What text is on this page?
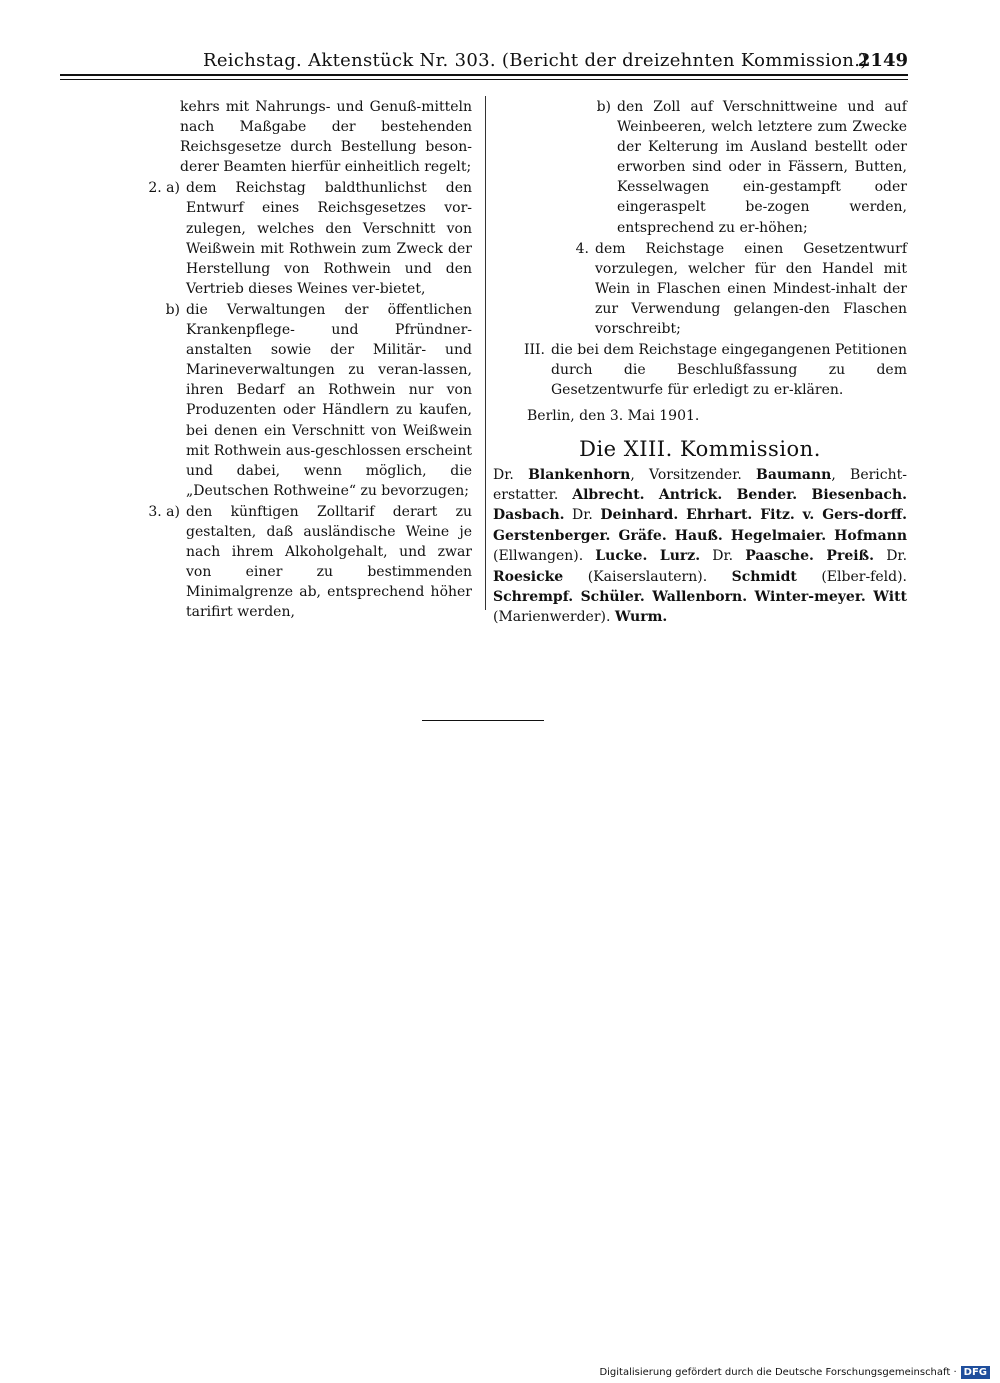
Reichstag. Aktenstück Nr. 303. (Bericht der dreizehnten Kommission.)
2149

kehrs mit Nahrungs- und Genuß-mitteln nach Maßgabe der bestehenden Reichsgesetze durch Bestellung beson-derer Beamten hierfür einheitlich regelt;

2. a) dem Reichstag baldthunlichst den Entwurf eines Reichsgesetzes vor-zulegen, welches den Verschnitt von Weißwein mit Rothwein zum Zweck der Herstellung von Rothwein und den Vertrieb dieses Weines ver-bietet,
b) die Verwaltungen der öffentlichen Krankenpflege- und Pfründner-anstalten sowie der Militär- und Marineverwaltungen zu veran-lassen, ihren Bedarf an Rothwein nur von Produzenten oder Händlern zu kaufen, bei denen ein Verschnitt von Weißwein mit Rothwein aus-geschlossen erscheint und dabei, wenn möglich, die „Deutschen Rothweine“ zu bevorzugen;
3. a) den künftigen Zolltarif derart zu gestalten, daß ausländische Weine je nach ihrem Alkoholgehalt, und zwar von einer zu bestimmenden Minimalgrenze ab, entsprechend höher tarifirt werden,
b) den Zoll auf Verschnittweine und auf Weinbeeren, welch letztere zum Zwecke der Kelterung im Ausland bestellt oder erworben sind oder in Fässern, Butten, Kesselwagen ein-gestampft oder eingeraspelt be-zogen werden, entsprechend zu er-höhen;
4. dem Reichstage einen Gesetzentwurf vorzulegen, welcher für den Handel mit Wein in Flaschen einen Mindest-inhalt der zur Verwendung gelangen-den Flaschen vorschreibt;
III. die bei dem Reichstage eingegangenen Petitionen durch die Beschlußfassung zu dem Gesetzentwurfe für erledigt zu er-klären.
Berlin, den 3. Mai 1901.
Die XIII. Kommission.
Dr. Blankenhorn, Vorsitzender. Baumann, Bericht-erstatter. Albrecht. Antrick. Bender. Biesenbach. Dasbach. Dr. Deinhard. Ehrhart. Fitz. v. Gers-dorff. Gerstenberger. Gräfe. Hauß. Hegelmaier. Hofmann (Ellwangen). Lucke. Lurz. Dr. Paasche. Preiß. Dr. Roesicke (Kaiserslautern). Schmidt (Elber-feld). Schrempf. Schüler. Wallenborn. Winter-meyer. Witt (Marienwerder). Wurm.
Digitalisierung gefördert durch die Deutsche Forschungsgemeinschaft · DFG
